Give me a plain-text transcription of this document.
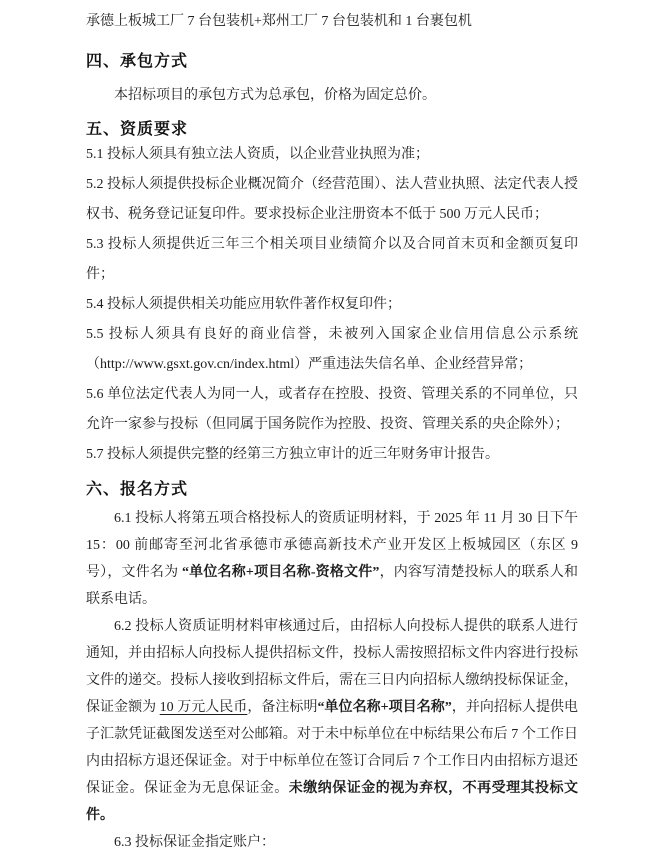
承德上板城工厂 7 台包装机+郑州工厂 7 台包装机和 1 台裹包机

四、承包方式

本招标项目的承包方式为总承包，价格为固定总价。

五、资质要求

5.1 投标人须具有独立法人资质，以企业营业执照为准；

5.2 投标人须提供投标企业概况简介（经营范围）、法人营业执照、法定代表人授权书、税务登记证复印件。要求投标企业注册资本不低于 500 万元人民币；

5.3 投标人须提供近三年三个相关项目业绩简介以及合同首末页和金额页复印件；

5.4 投标人须提供相关功能应用软件著作权复印件；

5.5 投标人须具有良好的商业信誉，未被列入国家企业信用信息公示系统（http://www.gsxt.gov.cn/index.html）严重违法失信名单、企业经营异常；

5.6 单位法定代表人为同一人，或者存在控股、投资、管理关系的不同单位，只允许一家参与投标（但同属于国务院作为控股、投资、管理关系的央企除外）；

5.7 投标人须提供完整的经第三方独立审计的近三年财务审计报告。

六、报名方式

6.1 投标人将第五项合格投标人的资质证明材料，于 2025 年 11 月 30 日下午 15：00 前邮寄至河北省承德市承德高新技术产业开发区上板城园区（东区 9 号），文件名为 “单位名称+项目名称-资格文件”，内容写清楚投标人的联系人和联系电话。

6.2 投标人资质证明材料审核通过后，由招标人向投标人提供的联系人进行通知，并由招标人向投标人提供招标文件，投标人需按照招标文件内容进行投标文件的递交。投标人接收到招标文件后，需在三日内向招标人缴纳投标保证金，保证金额为 10 万元人民币，备注标明“单位名称+项目名称”，并向招标人提供电子汇款凭证截图发送至对公邮箱。对于未中标单位在中标结果公布后 7 个工作日内由招标方退还保证金。对于中标单位在签订合同后 7 个工作日内由招标方退还保证金。保证金为无息保证金。未缴纳保证金的视为弃权，不再受理其投标文件。

6.3 投标保证金指定账户：
